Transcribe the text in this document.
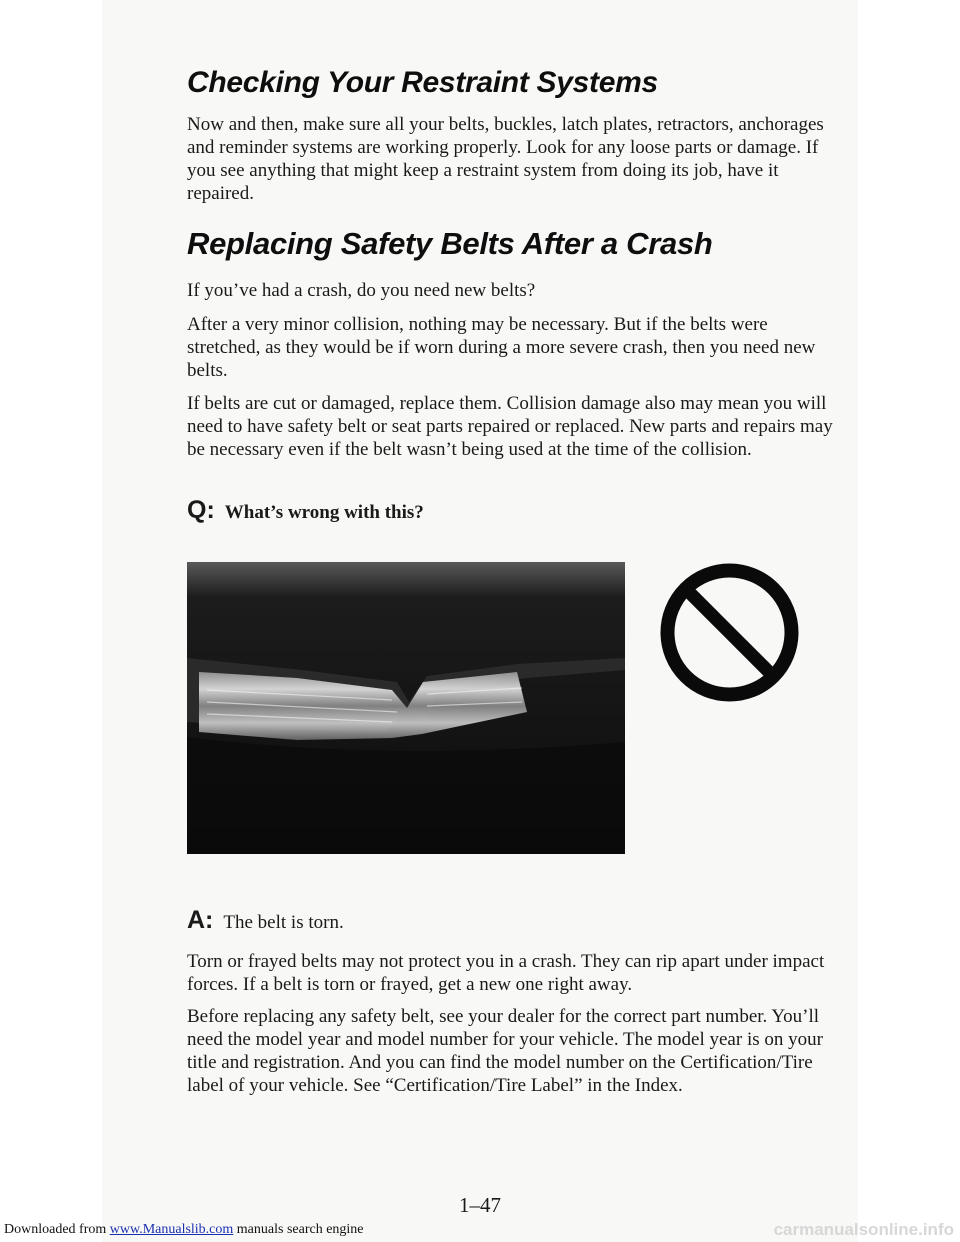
Checking Your Restraint Systems

Now and then, make sure all your belts, buckles, latch plates, retractors, anchorages and reminder systems are working properly. Look for any loose parts or damage. If you see anything that might keep a restraint system from doing its job, have it repaired.

Replacing Safety Belts After a Crash

If you’ve had a crash, do you need new belts?

After a very minor collision, nothing may be necessary. But if the belts were stretched, as they would be if worn during a more severe crash, then you need new belts.

If belts are cut or damaged, replace them. Collision damage also may mean you will need to have safety belt or seat parts repaired or replaced. New parts and repairs may be necessary even if the belt wasn’t being used at the time of the collision.

Q: What’s wrong with this?
A: The belt is torn.

Torn or frayed belts may not protect you in a crash. They can rip apart under impact forces. If a belt is torn or frayed, get a new one right away.

Before replacing any safety belt, see your dealer for the correct part number. You’ll need the model year and model number for your vehicle. The model year is on your title and registration. And you can find the model number on the Certification/Tire label of your vehicle. See “Certification/Tire Label” in the Index.

1–47
Downloaded from www.Manualslib.com manuals search engine	carmanualsonline.info
